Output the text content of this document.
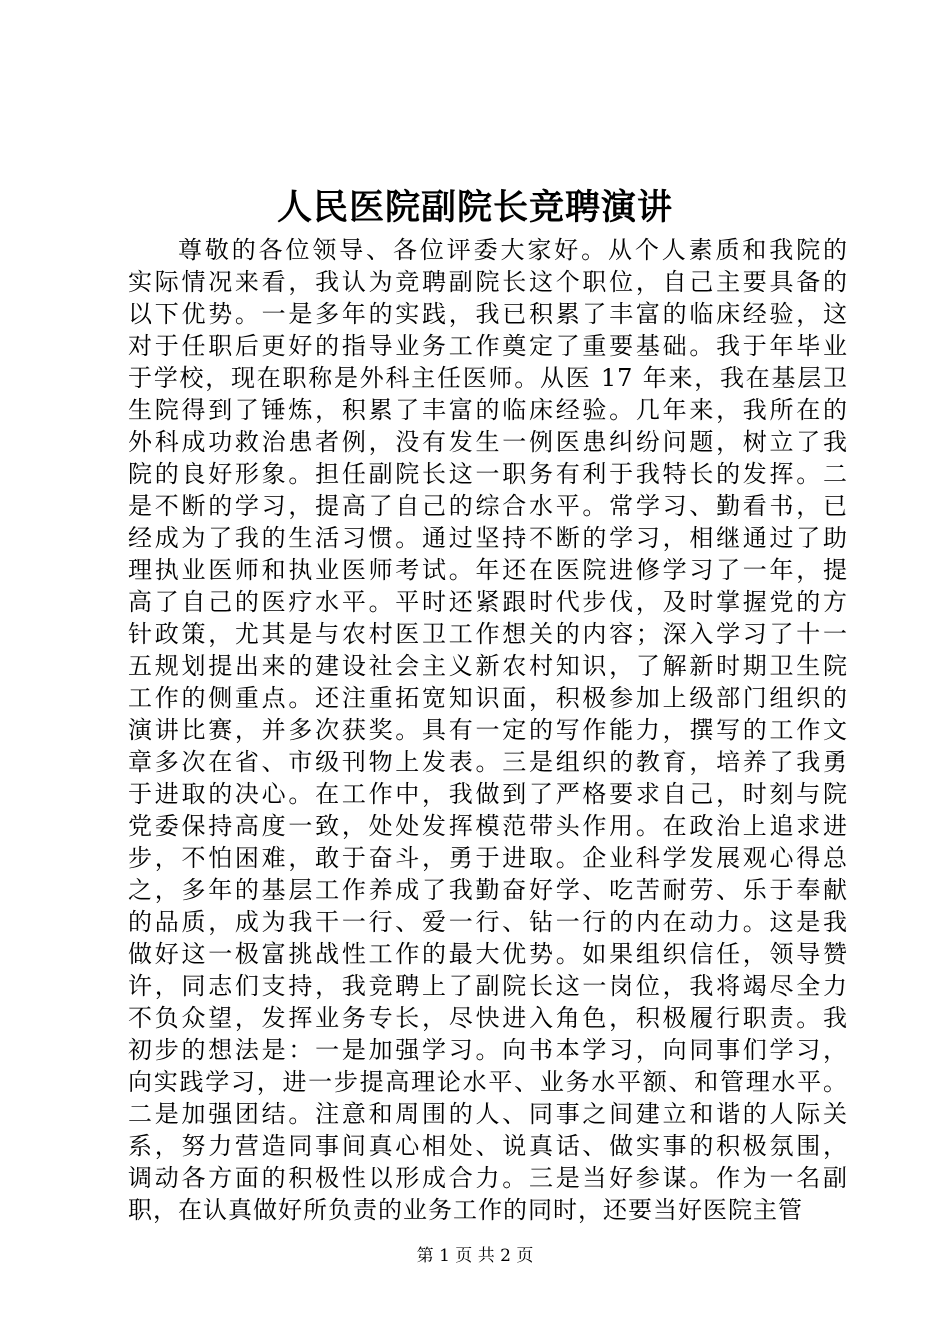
人民医院副院长竞聘演讲
尊敬的各位领导、各位评委大家好。从个人素质和我院的
实际情况来看，我认为竞聘副院长这个职位，自己主要具备的
以下优势。一是多年的实践，我已积累了丰富的临床经验，这
对于任职后更好的指导业务工作奠定了重要基础。我于年毕业
于学校，现在职称是外科主任医师。从医 17 年来，我在基层卫
生院得到了锤炼，积累了丰富的临床经验。几年来，我所在的
外科成功救治患者例，没有发生一例医患纠纷问题，树立了我
院的良好形象。担任副院长这一职务有利于我特长的发挥。二
是不断的学习，提高了自己的综合水平。常学习、勤看书，已
经成为了我的生活习惯。通过坚持不断的学习，相继通过了助
理执业医师和执业医师考试。年还在医院进修学习了一年，提
高了自己的医疗水平。平时还紧跟时代步伐，及时掌握党的方
针政策，尤其是与农村医卫工作想关的内容；深入学习了十一
五规划提出来的建设社会主义新农村知识，了解新时期卫生院
工作的侧重点。还注重拓宽知识面，积极参加上级部门组织的
演讲比赛，并多次获奖。具有一定的写作能力，撰写的工作文
章多次在省、市级刊物上发表。三是组织的教育，培养了我勇
于进取的决心。在工作中，我做到了严格要求自己，时刻与院
党委保持高度一致，处处发挥模范带头作用。在政治上追求进
步，不怕困难，敢于奋斗，勇于进取。企业科学发展观心得总
之，多年的基层工作养成了我勤奋好学、吃苦耐劳、乐于奉献
的品质，成为我干一行、爱一行、钻一行的内在动力。这是我
做好这一极富挑战性工作的最大优势。如果组织信任，领导赞
许，同志们支持，我竞聘上了副院长这一岗位，我将竭尽全力
不负众望，发挥业务专长，尽快进入角色，积极履行职责。我
初步的想法是：一是加强学习。向书本学习，向同事们学习，
向实践学习，进一步提高理论水平、业务水平额、和管理水平。
二是加强团结。注意和周围的人、同事之间建立和谐的人际关
系，努力营造同事间真心相处、说真话、做实事的积极氛围，
调动各方面的积极性以形成合力。三是当好参谋。作为一名副
职，在认真做好所负责的业务工作的同时，还要当好医院主管
第 1 页 共 2 页
